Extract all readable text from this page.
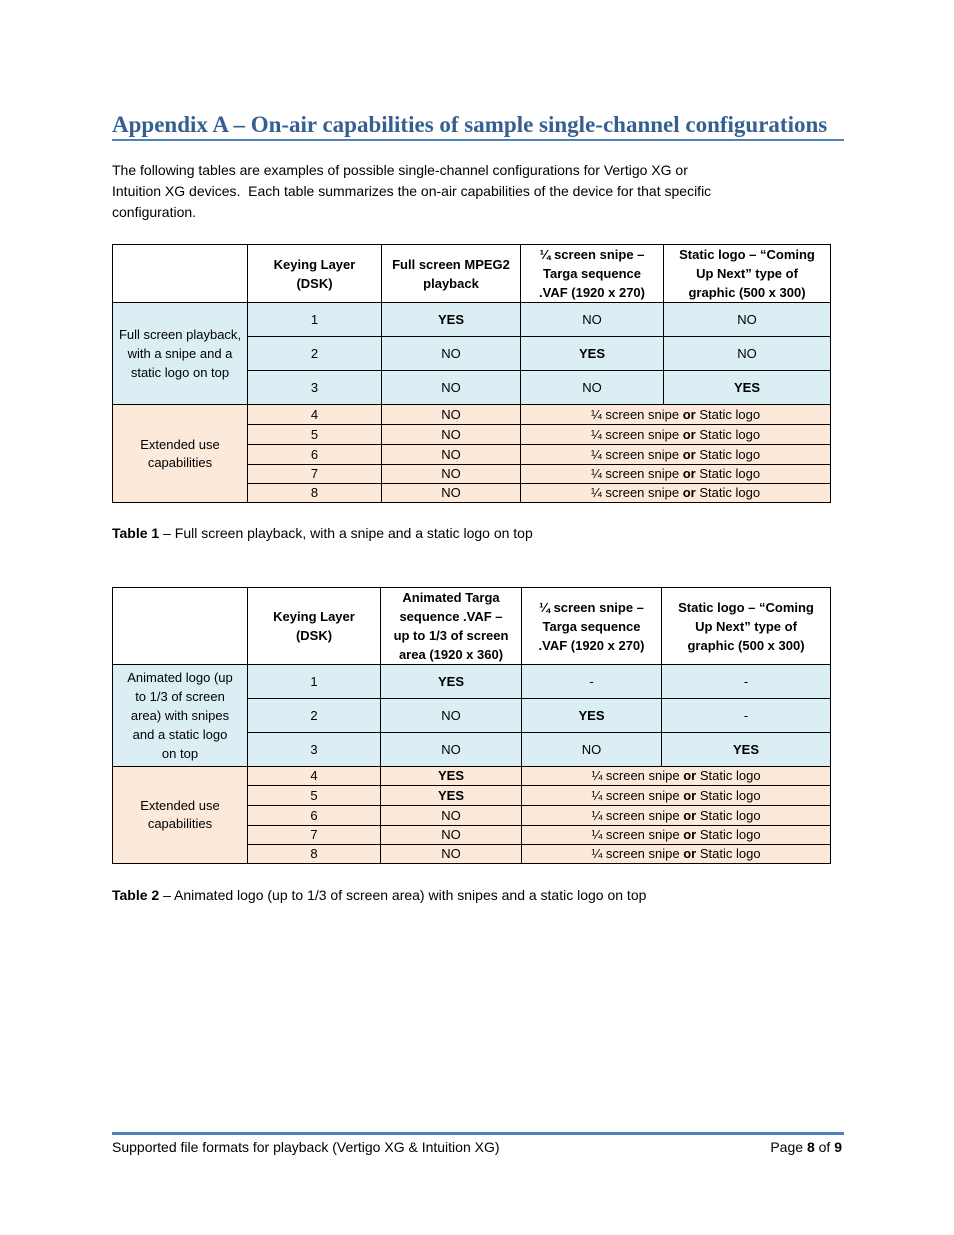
Appendix A – On-air capabilities of sample single-channel configurations
The following tables are examples of possible single-channel configurations for Vertigo XG or
Intuition XG devices.  Each table summarizes the on-air capabilities of the device for that specific
configuration.
	Keying Layer
(DSK)	Full screen MPEG2
playback	¼ screen snipe –
Targa sequence
.VAF (1920 x 270)	Static logo – “Coming
Up Next” type of
graphic (500 x 300)
Full screen playback,
with a snipe and a
static logo on top	1	YES	NO	NO
	2	NO	YES	NO
	3	NO	NO	YES
Extended use
capabilities	4	NO	¼ screen snipe or Static logo	
	5	NO	¼ screen snipe or Static logo	
	6	NO	¼ screen snipe or Static logo	
	7	NO	¼ screen snipe or Static logo	
	8	NO	¼ screen snipe or Static logo	
Table 1 – Full screen playback, with a snipe and a static logo on top
	Keying Layer
(DSK)	Animated Targa
sequence .VAF –
up to 1/3 of screen
area (1920 x 360)	¼ screen snipe –
Targa sequence
.VAF (1920 x 270)	Static logo – “Coming
Up Next” type of
graphic (500 x 300)
Animated logo (up
to 1/3 of screen
area) with snipes
and a static logo
on top	1	YES	-	-
	2	NO	YES	-
	3	NO	NO	YES
Extended use
capabilities	4	YES	¼ screen snipe or Static logo	
	5	YES	¼ screen snipe or Static logo	
	6	NO	¼ screen snipe or Static logo	
	7	NO	¼ screen snipe or Static logo	
	8	NO	¼ screen snipe or Static logo	
Table 2 – Animated logo (up to 1/3 of screen area) with snipes and a static logo on top
Supported file formats for playback (Vertigo XG & Intuition XG)	Page 8 of 9
